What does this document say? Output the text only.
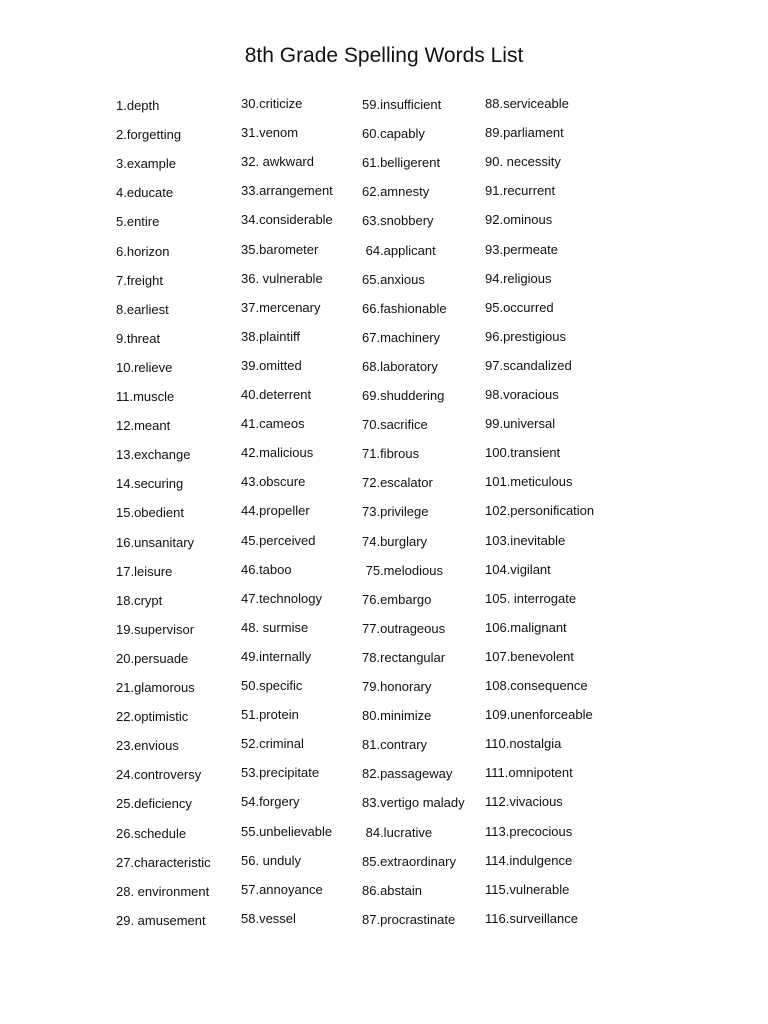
8th Grade Spelling Words List
1.depth
2.forgetting
3.example
4.educate
5.entire
6.horizon
7.freight
8.earliest
9.threat
10.relieve
11.muscle
12.meant
13.exchange
14.securing
15.obedient
16.unsanitary
17.leisure
18.crypt
19.supervisor
20.persuade
21.glamorous
22.optimistic
23.envious
24.controversy
25.deficiency
26.schedule
27.characteristic
28. environment
29. amusement
30.criticize
31.venom
32. awkward
33.arrangement
34.considerable
35.barometer
36. vulnerable
37.mercenary
38.plaintiff
39.omitted
40.deterrent
41.cameos
42.malicious
43.obscure
44.propeller
45.perceived
46.taboo
47.technology
48. surmise
49.internally
50.specific
51.protein
52.criminal
53.precipitate
54.forgery
55.unbelievable
56. unduly
57.annoyance
58.vessel
59.insufficient
60.capably
61.belligerent
62.amnesty
63.snobbery
64.applicant
65.anxious
66.fashionable
67.machinery
68.laboratory
69.shuddering
70.sacrifice
71.fibrous
72.escalator
73.privilege
74.burglary
75.melodious
76.embargo
77.outrageous
78.rectangular
79.honorary
80.minimize
81.contrary
82.passageway
83.vertigo malady
84.lucrative
85.extraordinary
86.abstain
87.procrastinate
88.serviceable
89.parliament
90. necessity
91.recurrent
92.ominous
93.permeate
94.religious
95.occurred
96.prestigious
97.scandalized
98.voracious
99.universal
100.transient
101.meticulous
102.personification
103.inevitable
104.vigilant
105. interrogate
106.malignant
107.benevolent
108.consequence
109.unenforceable
110.nostalgia
111.omnipotent
112.vivacious
113.precocious
114.indulgence
115.vulnerable
116.surveillance
